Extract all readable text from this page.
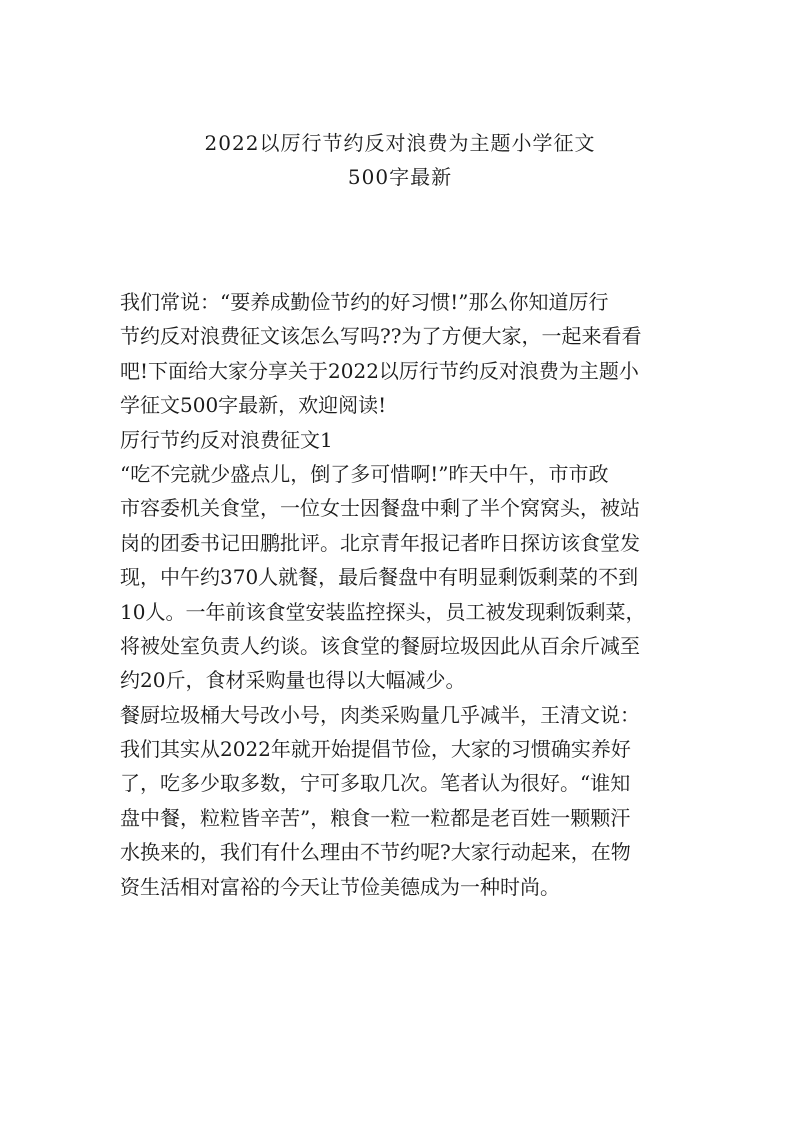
2022以厉行节约反对浪费为主题小学征文
500字最新
我们常说：“要养成勤俭节约的好习惯!”那么你知道厉行
节约反对浪费征文该怎么写吗??为了方便大家，一起来看看
吧!下面给大家分享关于2022以厉行节约反对浪费为主题小
学征文500字最新，欢迎阅读!
厉行节约反对浪费征文1
“吃不完就少盛点儿，倒了多可惜啊!”昨天中午，市市政
市容委机关食堂，一位女士因餐盘中剩了半个窝窝头，被站
岗的团委书记田鹏批评。北京青年报记者昨日探访该食堂发
现，中午约370人就餐，最后餐盘中有明显剩饭剩菜的不到
10人。一年前该食堂安装监控探头，员工被发现剩饭剩菜，
将被处室负责人约谈。该食堂的餐厨垃圾因此从百余斤减至
约20斤，食材采购量也得以大幅减少。
餐厨垃圾桶大号改小号，肉类采购量几乎减半，王清文说：
我们其实从2022年就开始提倡节俭，大家的习惯确实养好
了，吃多少取多数，宁可多取几次。笔者认为很好。“谁知
盘中餐，粒粒皆辛苦”，粮食一粒一粒都是老百姓一颗颗汗
水换来的，我们有什么理由不节约呢?大家行动起来，在物
资生活相对富裕的今天让节俭美德成为一种时尚。
